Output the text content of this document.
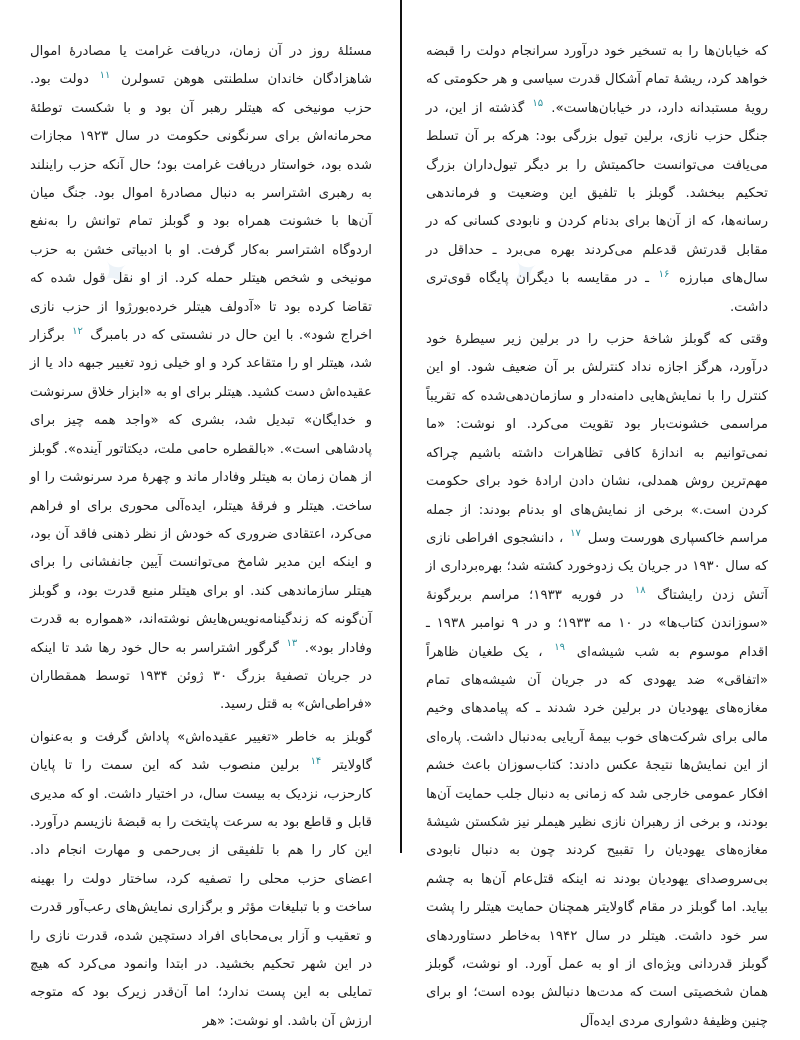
✦

که خیابان‌ها را به تسخیر خود درآورد سرانجام دولت را قبضه خواهد کرد، ریشهٔ تمام آشکال قدرت سیاسی و هر حکومتی که رویهٔ مستبدانه دارد، در خیابان‌هاست». $^{۱۵}$ گذشته از این، در جنگل حزب نازی، برلین تیول بزرگی بود: هرکه بر آن تسلط می‌یافت می‌توانست حاکمیتش را بر دیگر تیول‌داران بزرگ تحکیم ببخشد. گوبلز با تلفیق این وضعیت و فرماندهی رسانه‌ها، که از آن‌ها برای بدنام کردن و نابودی کسانی که در مقابل قدرتش قدعلم می‌کردند بهره می‌برد ـ حداقل در سال‌های مبارزه $^{۱۶}$ ـ در مقایسه با دیگران پایگاه قوی‌تری داشت.

وقتی که گوبلز شاخهٔ حزب را در برلین زیر سیطرهٔ خود درآورد، هرگز اجازه نداد کنترلش بر آن ضعیف شود. او این کنترل را با نمایش‌هایی دامنه‌دار و سازمان‌دهی‌شده که تقریباً مراسمی خشونت‌بار بود تقویت می‌کرد. او نوشت: «ما نمی‌توانیم به اندازهٔ کافی تظاهرات داشته باشیم چراکه مهم‌ترین روش همدلی، نشان دادن ارادهٔ خود برای حکومت کردن است.» برخی از نمایش‌های او بدنام بودند: از جمله مراسم خاکسپاری هورست وسل $^{۱۷}$ ، دانشجوی افراطی نازی که سال ۱۹۳۰ در جریان یک زدوخورد کشته شد؛ بهره‌برداری از آتش زدن رایشتاگ $^{۱۸}$ در فوریه ۱۹۳۳؛ مراسم بربرگونهٔ «سوزاندن کتاب‌ها» در ۱۰ مه ۱۹۳۳؛ و در ۹ نوامبر ۱۹۳۸ ـ اقدام موسوم به شب شیشه‌ای $^{۱۹}$ ، یک طغیان ظاهراً «اتفاقی» ضد یهودی که در جریان آن شیشه‌های تمام مغازه‌های یهودیان در برلین خرد شدند ـ که پیامدهای وخیم مالی برای شرکت‌های خوب بیمهٔ آریایی به‌دنبال داشت. پاره‌ای از این نمایش‌ها نتیجهٔ عکس دادند: کتاب‌سوزان باعث خشم افکار عمومی خارجی شد که زمانی به دنبال جلب حمایت آن‌ها بودند، و برخی از رهبران نازی نظیر هیملر نیز شکستن شیشهٔ مغازه‌های یهودیان را تقبیح کردند چون به دنبال نابودی بی‌سروصدای یهودیان بودند نه اینکه قتل‌عام آن‌ها به چشم بیاید. اما گوبلز در مقام گاولایتر همچنان حمایت هیتلر را پشت سر خود داشت. هیتلر در سال ۱۹۴۲ به‌خاطر دستاوردهای گوبلز قدردانی ویژه‌ای از او به عمل آورد. او نوشت، گوبلز همان شخصیتی است که مدت‌ها دنبالش بوده است؛ او برای چنین وظیفهٔ دشواری مردی ایده‌آل

✦

مسئلهٔ روز در آن زمان، دریافت غرامت یا مصادرهٔ اموال شاهزادگان خاندان سلطنتی هوهن تسولرن $^{۱۱}$ دولت بود. حزب مونیخی که هیتلر رهبر آن بود و با شکست توطئهٔ محرمانه‌اش برای سرنگونی حکومت در سال ۱۹۲۳ مجازات شده بود، خواستار دریافت غرامت بود؛ حال آنکه حزب راینلند به رهبری اشتراسر به دنبال مصادرهٔ اموال بود. جنگ میان آن‌ها با خشونت همراه بود و گوبلز تمام توانش را به‌نفع اردوگاه اشتراسر به‌کار گرفت. او با ادبیاتی خشن به حزب مونیخی و شخص هیتلر حمله کرد. از او نقل قول شده که تقاضا کرده بود تا «آدولف هیتلر خرده‌بورژوا از حزب نازی اخراج شود». با این حال در نشستی که در بامبرگ $^{۱۲}$ برگزار شد، هیتلر او را متقاعد کرد و او خیلی زود تغییر جبهه داد یا از عقیده‌اش دست کشید. هیتلر برای او به «ابزار خلاق سرنوشت و خدایگان» تبدیل شد، بشری که «واجد همه چیز برای پادشاهی است». «بالقطره حامی ملت، دیکتاتور آینده». گوبلز از همان زمان به هیتلر وفادار ماند و چهرهٔ مرد سرنوشت را او ساخت. هیتلر و فرقهٔ هیتلر، ایده‌آلی محوری برای او فراهم می‌کرد، اعتقادی ضروری که خودش از نظر ذهنی فاقد آن بود، و اینکه این مدیر شامخ می‌توانست آیین جانفشانی را برای هیتلر سازماندهی کند. او برای هیتلر منبع قدرت بود، و گوبلز آن‌گونه که زندگینامه‌نویس‌هایش نوشته‌اند، «همواره به قدرت وفادار بود». $^{۱۳}$ گرگور اشتراسر به حال خود رها شد تا اینکه در جریان تصفیهٔ بزرگ ۳۰ ژوئن ۱۹۳۴ توسط همقطاران «فراطی‌اش» به قتل رسید.

گوبلز به خاطر «تغییر عقیده‌اش» پاداش گرفت و به‌عنوان گاولایتر $^{۱۴}$ برلین منصوب شد که این سمت را تا پایان کارحزب، نزدیک به بیست سال، در اختیار داشت. او که مدیری قابل و قاطع بود به سرعت پایتخت را به قبضهٔ نازیسم درآورد. این کار را هم با تلفیقی از بی‌رحمی و مهارت انجام داد. اعضای حزب محلی را تصفیه کرد، ساختار دولت را بهینه ساخت و با تبلیغات مؤثر و برگزاری نمایش‌های رعب‌آور قدرت و تعقیب و آزار بی‌محابای افراد دستچین شده، قدرت نازی را در این شهر تحکیم بخشید. در ابتدا وانمود می‌کرد که هیچ تمایلی به این پست ندارد؛ اما آن‌قدر زیرک بود که متوجه ارزش آن باشد. او نوشت: «هر
